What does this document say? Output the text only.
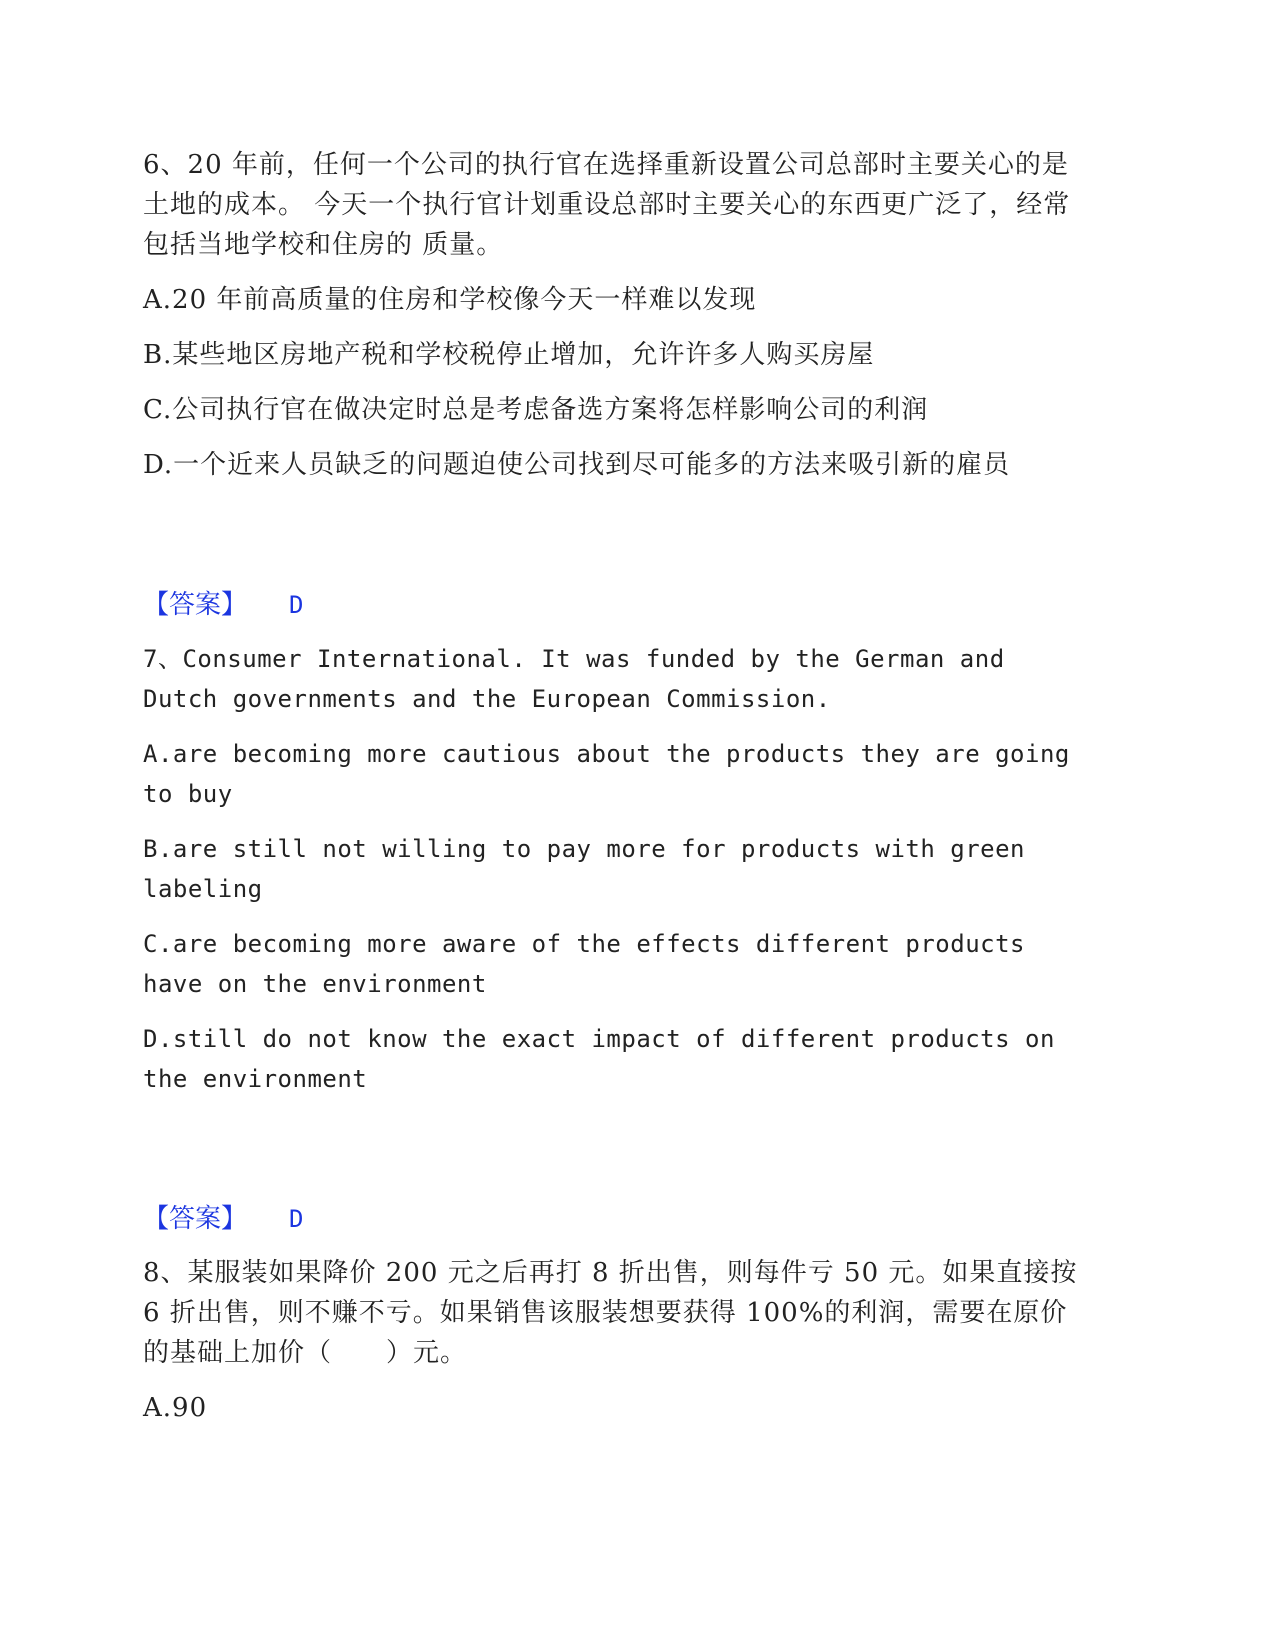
6、20 年前，任何一个公司的执行官在选择重新设置公司总部时主要关心的是土地的成本。 今天一个执行官计划重设总部时主要关心的东西更广泛了，经常包括当地学校和住房的 质量。

A.20 年前高质量的住房和学校像今天一样难以发现
B.某些地区房地产税和学校税停止增加，允许许多人购买房屋
C.公司执行官在做决定时总是考虑备选方案将怎样影响公司的利润
D.一个近来人员缺乏的问题迫使公司找到尽可能多的方法来吸引新的雇员
【答案】 D

7、Consumer International. It was funded by the German and Dutch governments and the European Commission.

A.are becoming more cautious about the products they are going to buy
B.are still not willing to pay more for products with green labeling
C.are becoming more aware of the effects different products have on the environment
D.still do not know the exact impact of different products on the environment
【答案】 D

8、某服装如果降价 200 元之后再打 8 折出售，则每件亏 50 元。如果直接按 6 折出售，则不赚不亏。如果销售该服装想要获得 100%的利润，需要在原价的基础上加价（　　）元。

A.90
